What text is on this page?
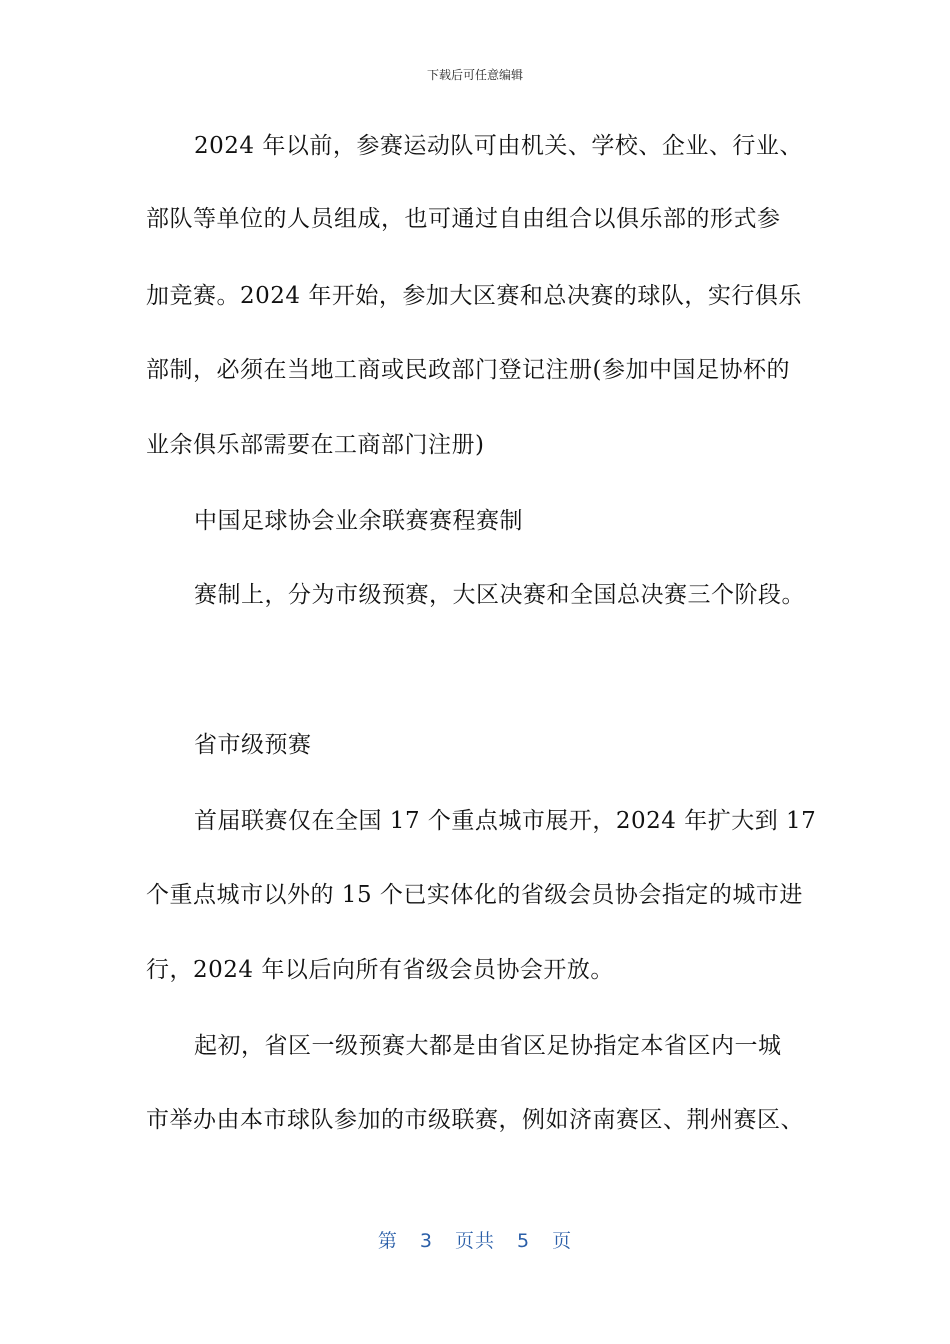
下载后可任意编辑
2024 年以前，参赛运动队可由机关、学校、企业、行业、
部队等单位的人员组成，也可通过自由组合以俱乐部的形式参
加竞赛。2024 年开始，参加大区赛和总决赛的球队，实行俱乐
部制，必须在当地工商或民政部门登记注册(参加中国足协杯的
业余俱乐部需要在工商部门注册)
中国足球协会业余联赛赛程赛制
赛制上，分为市级预赛，大区决赛和全国总决赛三个阶段。
省市级预赛
首届联赛仅在全国 17 个重点城市展开，2024 年扩大到 17
个重点城市以外的 15 个已实体化的省级会员协会指定的城市进
行，2024 年以后向所有省级会员协会开放。
起初，省区一级预赛大都是由省区足协指定本省区内一城
市举办由本市球队参加的市级联赛，例如济南赛区、荆州赛区、
第 3 页共 5 页
